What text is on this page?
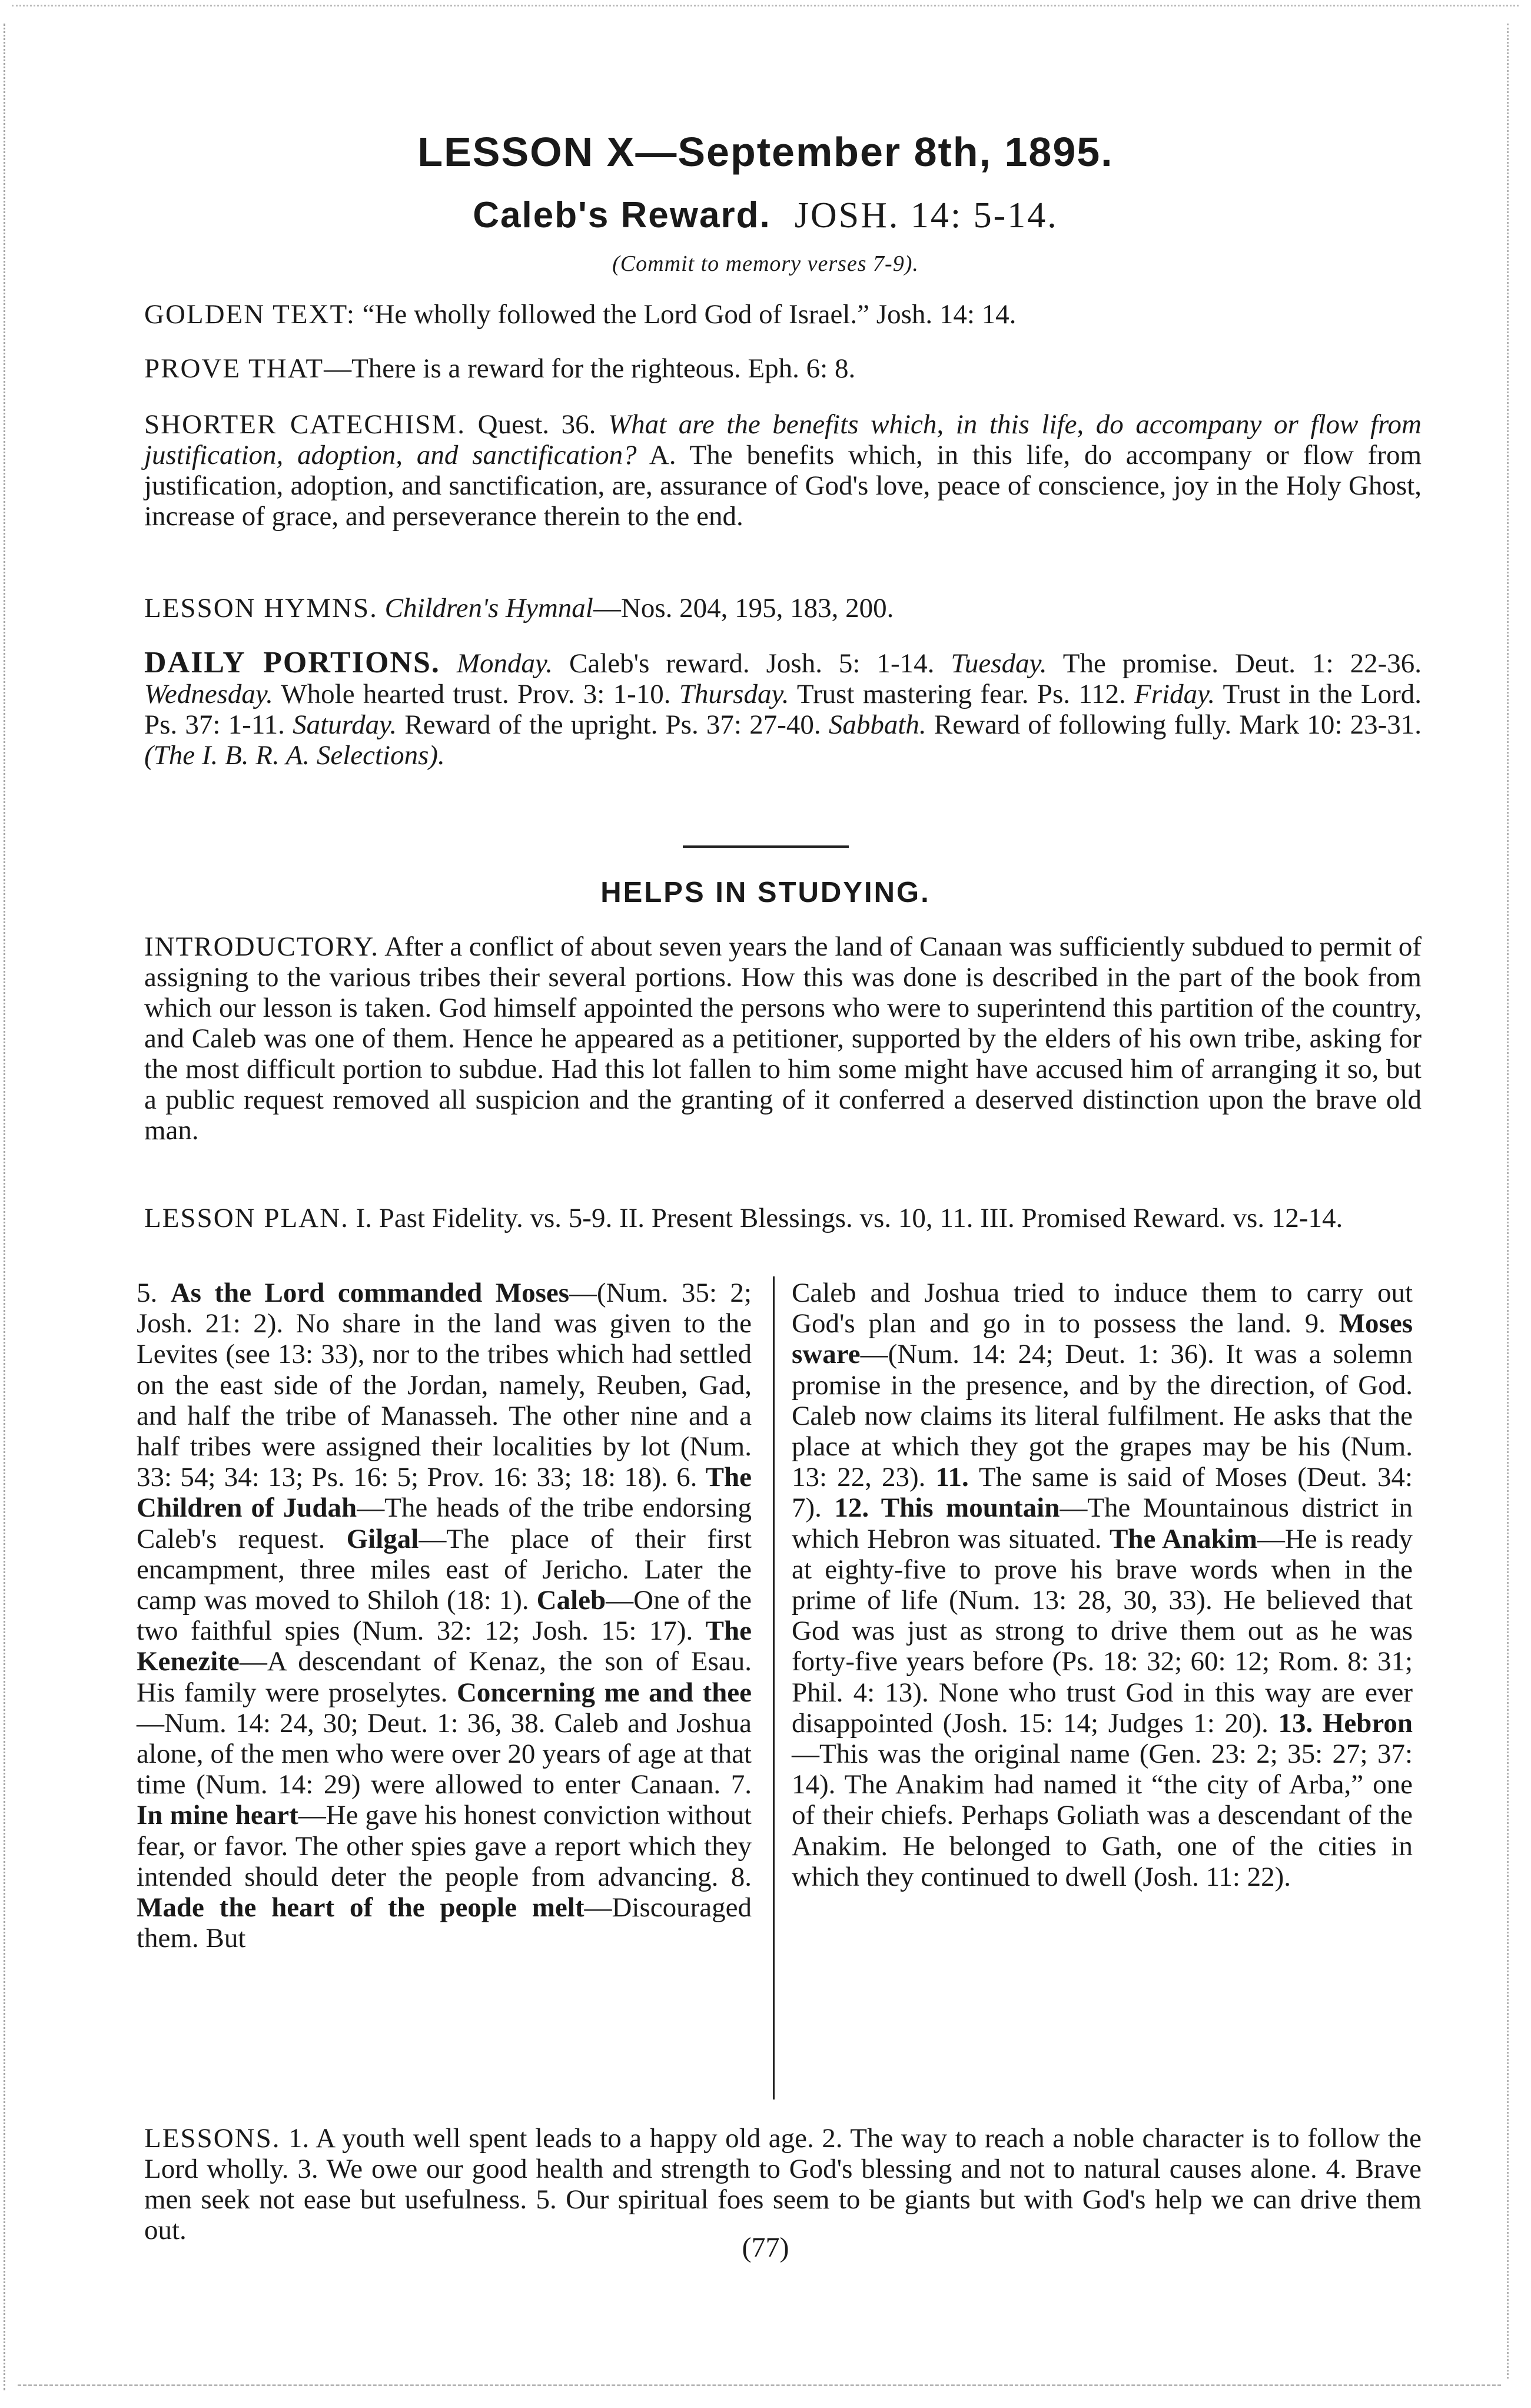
LESSON X—September 8th, 1895.
Caleb's Reward. JOSH. 14: 5-14.
(Commit to memory verses 7-9).
GOLDEN TEXT: “He wholly followed the Lord God of Israel.” Josh. 14: 14.
PROVE THAT—There is a reward for the righteous. Eph. 6: 8.
SHORTER CATECHISM. Quest. 36. What are the benefits which, in this life, do accompany or flow from justification, adoption, and sanctification? A. The benefits which, in this life, do accompany or flow from justification, adoption, and sanctification, are, assurance of God's love, peace of conscience, joy in the Holy Ghost, increase of grace, and perseverance therein to the end.
LESSON HYMNS. Children's Hymnal—Nos. 204, 195, 183, 200.
DAILY PORTIONS. Monday. Caleb's reward. Josh. 5: 1-14. Tuesday. The promise. Deut. 1: 22-36. Wednesday. Whole hearted trust. Prov. 3: 1-10. Thursday. Trust mastering fear. Ps. 112. Friday. Trust in the Lord. Ps. 37: 1-11. Saturday. Reward of the upright. Ps. 37: 27-40. Sabbath. Reward of following fully. Mark 10: 23-31. (The I. B. R. A. Selections).
HELPS IN STUDYING.
INTRODUCTORY. After a conflict of about seven years the land of Canaan was sufficiently subdued to permit of assigning to the various tribes their several portions. How this was done is described in the part of the book from which our lesson is taken. God himself appointed the persons who were to superintend this partition of the country, and Caleb was one of them. Hence he appeared as a petitioner, supported by the elders of his own tribe, asking for the most difficult portion to subdue. Had this lot fallen to him some might have accused him of arranging it so, but a public request removed all suspicion and the granting of it conferred a deserved distinction upon the brave old man.
LESSON PLAN. I. Past Fidelity. vs. 5-9. II. Present Blessings. vs. 10, 11. III. Promised Reward. vs. 12-14.
5. As the Lord commanded Moses—(Num. 35: 2; Josh. 21: 2). No share in the land was given to the Levites (see 13: 33), nor to the tribes which had settled on the east side of the Jordan, namely, Reuben, Gad, and half the tribe of Manasseh. The other nine and a half tribes were assigned their localities by lot (Num. 33: 54; 34: 13; Ps. 16: 5; Prov. 16: 33; 18: 18). 6. The Children of Judah—The heads of the tribe endorsing Caleb's request. Gilgal—The place of their first encampment, three miles east of Jericho. Later the camp was moved to Shiloh (18: 1). Caleb—One of the two faithful spies (Num. 32: 12; Josh. 15: 17). The Kenezite—A descendant of Kenaz, the son of Esau. His family were proselytes. Concerning me and thee—Num. 14: 24, 30; Deut. 1: 36, 38. Caleb and Joshua alone, of the men who were over 20 years of age at that time (Num. 14: 29) were allowed to enter Canaan. 7. In mine heart—He gave his honest conviction without fear, or favor. The other spies gave a report which they intended should deter the people from advancing. 8. Made the heart of the people melt—Discouraged them. But
Caleb and Joshua tried to induce them to carry out God's plan and go in to possess the land. 9. Moses sware—(Num. 14: 24; Deut. 1: 36). It was a solemn promise in the presence, and by the direction, of God. Caleb now claims its literal fulfilment. He asks that the place at which they got the grapes may be his (Num. 13: 22, 23). 11. The same is said of Moses (Deut. 34: 7). 12. This mountain—The Mountainous district in which Hebron was situated. The Anakim—He is ready at eighty-five to prove his brave words when in the prime of life (Num. 13: 28, 30, 33). He believed that God was just as strong to drive them out as he was forty-five years before (Ps. 18: 32; 60: 12; Rom. 8: 31; Phil. 4: 13). None who trust God in this way are ever disappointed (Josh. 15: 14; Judges 1: 20). 13. Hebron—This was the original name (Gen. 23: 2; 35: 27; 37: 14). The Anakim had named it “the city of Arba,” one of their chiefs. Perhaps Goliath was a descendant of the Anakim. He belonged to Gath, one of the cities in which they continued to dwell (Josh. 11: 22).
LESSONS. 1. A youth well spent leads to a happy old age. 2. The way to reach a noble character is to follow the Lord wholly. 3. We owe our good health and strength to God's blessing and not to natural causes alone. 4. Brave men seek not ease but usefulness. 5. Our spiritual foes seem to be giants but with God's help we can drive them out.
(77)
